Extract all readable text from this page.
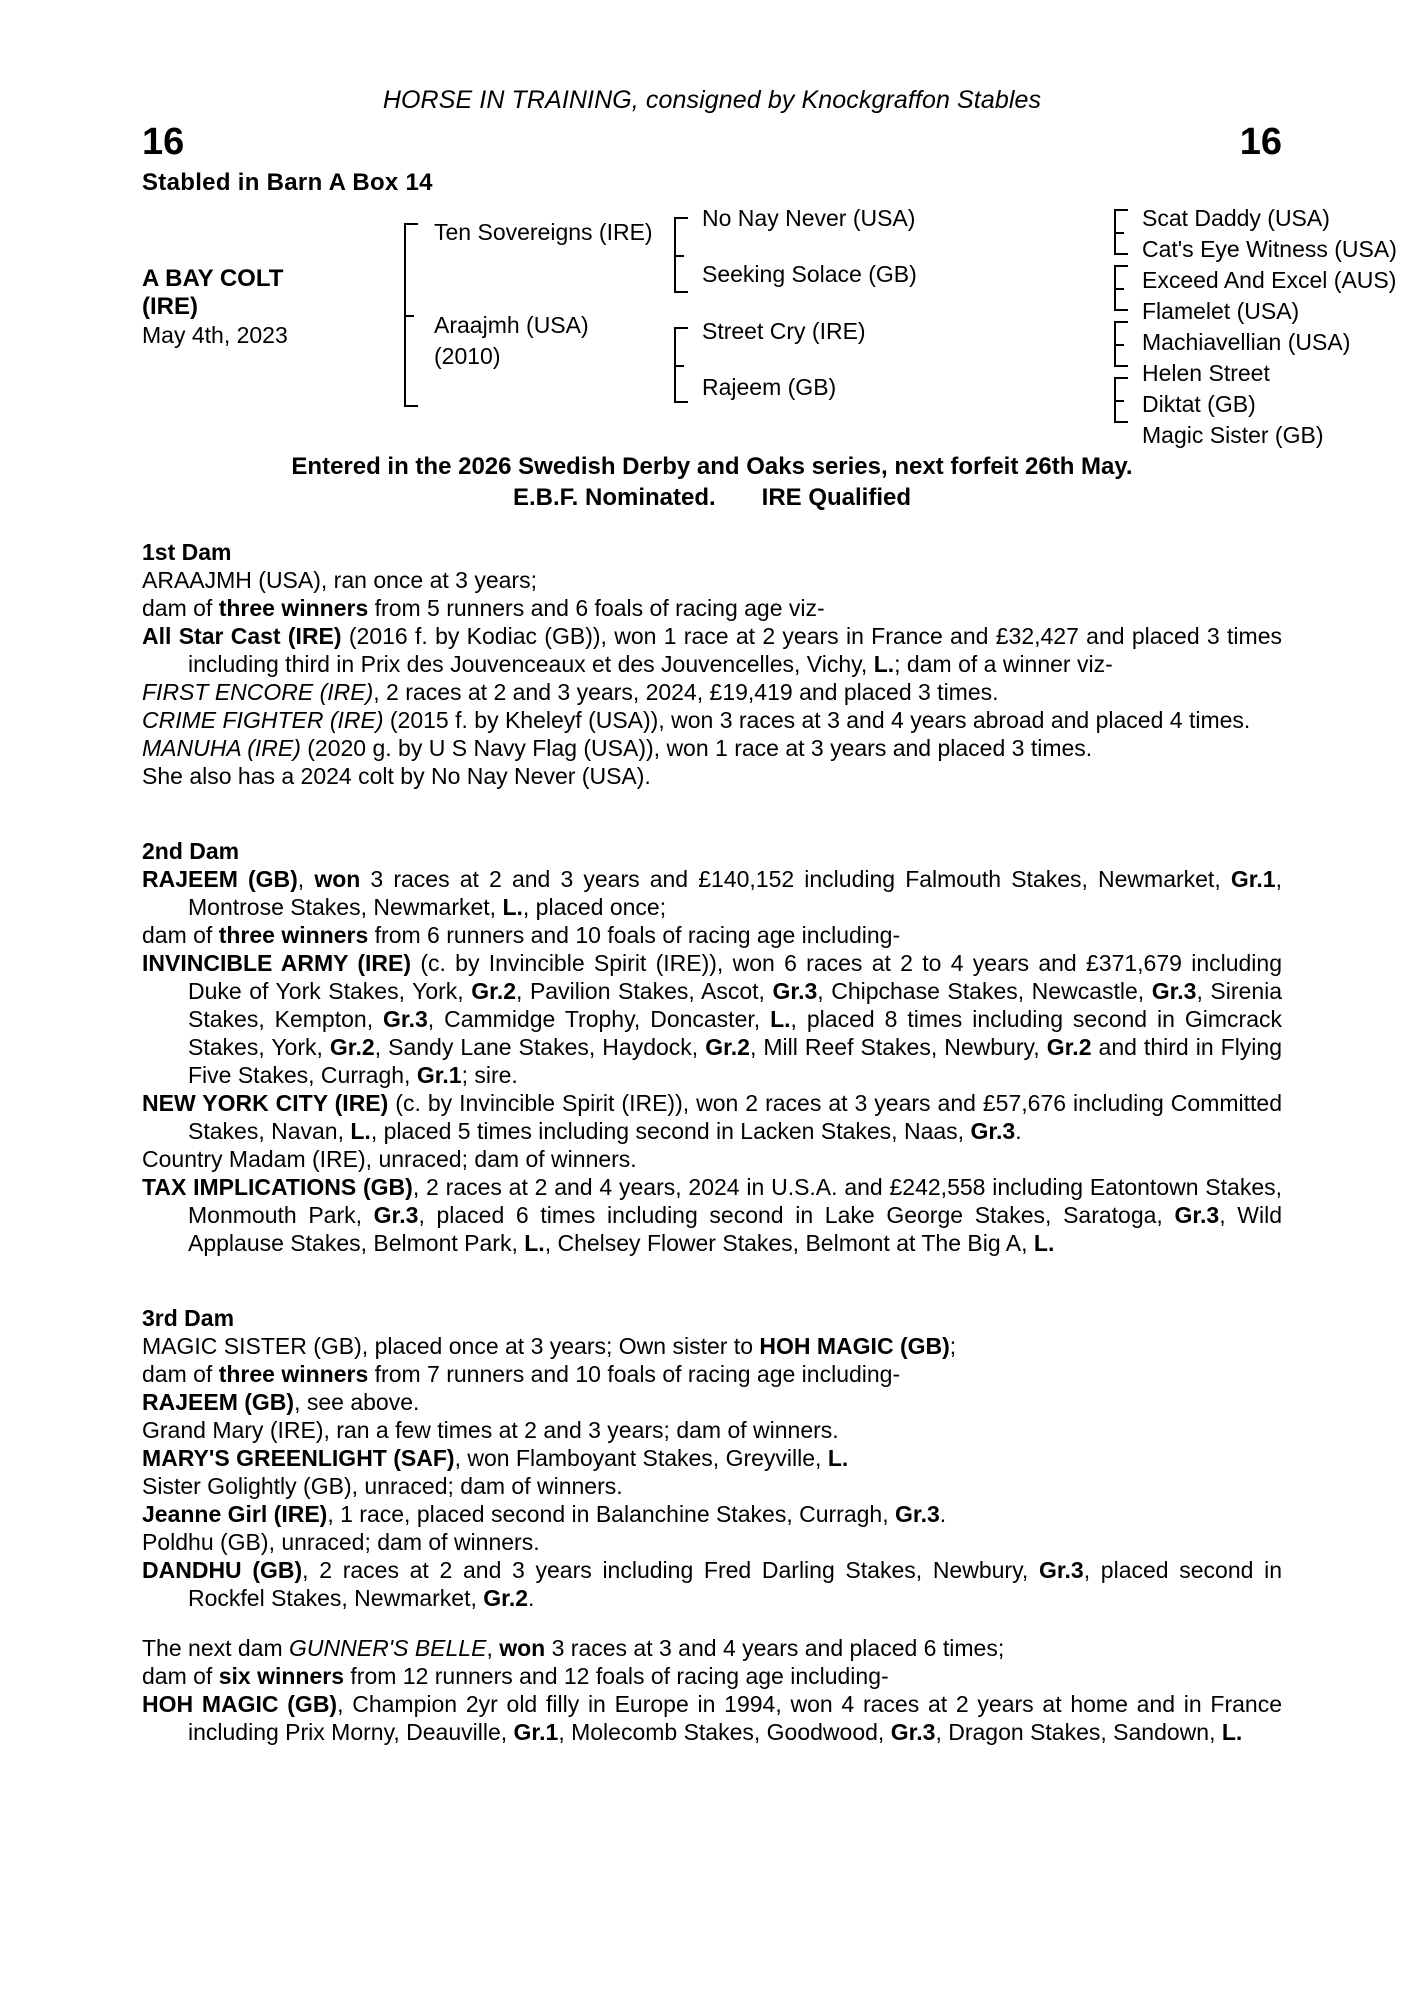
HORSE IN TRAINING, consigned by Knockgraffon Stables
16	16
Stabled in Barn A Box 14
A BAY COLT
(IRE)
May 4th, 2023
Ten Sovereigns (IRE)
Araajmh (USA)
(2010)
No Nay Never (USA)
Seeking Solace (GB)
Street Cry (IRE)
Rajeem (GB)
Scat Daddy (USA)
Cat's Eye Witness (USA)
Exceed And Excel (AUS)
Flamelet (USA)
Machiavellian (USA)
Helen Street
Diktat (GB)
Magic Sister (GB)
Entered in the 2026 Swedish Derby and Oaks series, next forfeit 26th May.
E.B.F. Nominated. IRE Qualified
1st Dam

ARAAJMH (USA), ran once at 3 years;

dam of three winners from 5 runners and 6 foals of racing age viz-

All Star Cast (IRE) (2016 f. by Kodiac (GB)), won 1 race at 2 years in France and £32,427 and placed 3 times including third in Prix des Jouvenceaux et des Jouvencelles, Vichy, L.; dam of a winner viz-

FIRST ENCORE (IRE), 2 races at 2 and 3 years, 2024, £19,419 and placed 3 times.

CRIME FIGHTER (IRE) (2015 f. by Kheleyf (USA)), won 3 races at 3 and 4 years abroad and placed 4 times.

MANUHA (IRE) (2020 g. by U S Navy Flag (USA)), won 1 race at 3 years and placed 3 times.

She also has a 2024 colt by No Nay Never (USA).

2nd Dam

RAJEEM (GB), won 3 races at 2 and 3 years and £140,152 including Falmouth Stakes, Newmarket, Gr.1, Montrose Stakes, Newmarket, L., placed once;

dam of three winners from 6 runners and 10 foals of racing age including-

INVINCIBLE ARMY (IRE) (c. by Invincible Spirit (IRE)), won 6 races at 2 to 4 years and £371,679 including Duke of York Stakes, York, Gr.2, Pavilion Stakes, Ascot, Gr.3, Chipchase Stakes, Newcastle, Gr.3, Sirenia Stakes, Kempton, Gr.3, Cammidge Trophy, Doncaster, L., placed 8 times including second in Gimcrack Stakes, York, Gr.2, Sandy Lane Stakes, Haydock, Gr.2, Mill Reef Stakes, Newbury, Gr.2 and third in Flying Five Stakes, Curragh, Gr.1; sire.

NEW YORK CITY (IRE) (c. by Invincible Spirit (IRE)), won 2 races at 3 years and £57,676 including Committed Stakes, Navan, L., placed 5 times including second in Lacken Stakes, Naas, Gr.3.

Country Madam (IRE), unraced; dam of winners.

TAX IMPLICATIONS (GB), 2 races at 2 and 4 years, 2024 in U.S.A. and £242,558 including Eatontown Stakes, Monmouth Park, Gr.3, placed 6 times including second in Lake George Stakes, Saratoga, Gr.3, Wild Applause Stakes, Belmont Park, L., Chelsey Flower Stakes, Belmont at The Big A, L.

3rd Dam

MAGIC SISTER (GB), placed once at 3 years; Own sister to HOH MAGIC (GB);

dam of three winners from 7 runners and 10 foals of racing age including-

RAJEEM (GB), see above.

Grand Mary (IRE), ran a few times at 2 and 3 years; dam of winners.

MARY'S GREENLIGHT (SAF), won Flamboyant Stakes, Greyville, L.

Sister Golightly (GB), unraced; dam of winners.

Jeanne Girl (IRE), 1 race, placed second in Balanchine Stakes, Curragh, Gr.3.

Poldhu (GB), unraced; dam of winners.

DANDHU (GB), 2 races at 2 and 3 years including Fred Darling Stakes, Newbury, Gr.3, placed second in Rockfel Stakes, Newmarket, Gr.2.

The next dam GUNNER'S BELLE, won 3 races at 3 and 4 years and placed 6 times;

dam of six winners from 12 runners and 12 foals of racing age including-

HOH MAGIC (GB), Champion 2yr old filly in Europe in 1994, won 4 races at 2 years at home and in France including Prix Morny, Deauville, Gr.1, Molecomb Stakes, Goodwood, Gr.3, Dragon Stakes, Sandown, L.
